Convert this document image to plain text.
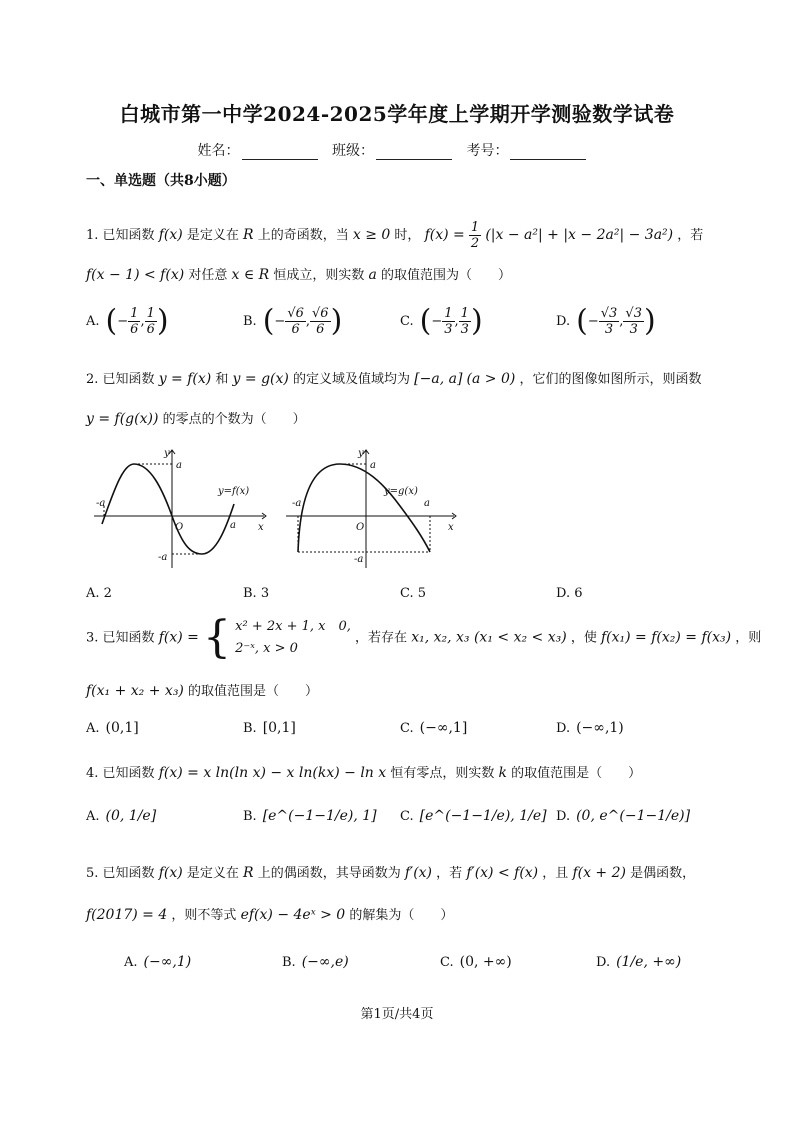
白城市第一中学2024-2025学年度上学期开学测验数学试卷
姓名：	班级：	考号：
一、单选题（共8小题）
1. 已知函数 f(x) 是定义在 R 上的奇函数，当 x ≥ 0 时， $f(x) = \frac{1}{2} (|x - a^2| + |x - 2a^2| - 3a^2)$ ，若
f(x − 1) < f(x) 对任意 x ∈ R 恒成立，则实数 a 的取值范围为（　　）
A. (− $\frac{1}{6}$ , $\frac{1}{6}$ )	B. (− $\frac{√6}{6}$ , $\frac{√6}{6}$ )	C. (− $\frac{1}{3}$ , $\frac{1}{3}$ )	D. (− $\frac{√3}{3}$ , $\frac{√3}{3}$ )
2. 已知函数 y = f(x) 和 y = g(x) 的定义域及值域均为 [−a, a] (a > 0) ，它们的图像如图所示，则函数
y = f(g(x)) 的零点的个数为（　　）
y
x
a
-a
O	a
-a
y=f(x)
y
x
a
-a
O
a
-a
y=g(x)
A. 2	B. 3	C. 5	D. 6
3. 已知函数 f(x) = { x² + 2x + 1, x　0,
2⁻ˣ, x > 0
，若存在 x₁, x₂, x₃ (x₁ < x₂ < x₃) ，使 f(x₁) = f(x₂) = f(x₃) ，则
f(x₁ + x₂ + x₃) 的取值范围是（　　）
A. (0,1]	B. [0,1]	C. (−∞,1]	D. (−∞,1)
4. 已知函数 f(x) = x ln(ln x) − x ln(kx) − ln x 恒有零点，则实数 k 的取值范围是（　　）
A. (0, 1/e]	B. [e^(−1−1/e), 1] C. [e^(−1−1/e), 1/e] D. (0, e^(−1−1/e)]
5. 已知函数 f(x) 是定义在 R 上的偶函数，其导函数为 f′(x) ，若 f′(x) < f(x) ，且 f(x + 2) 是偶函数，
f(2017) = 4 ，则不等式 ef(x) − 4eˣ > 0 的解集为（　　）
A. (−∞,1)	B. (−∞,e)	C. (0, +∞)	D. (1/e, +∞)
第1页/共4页
